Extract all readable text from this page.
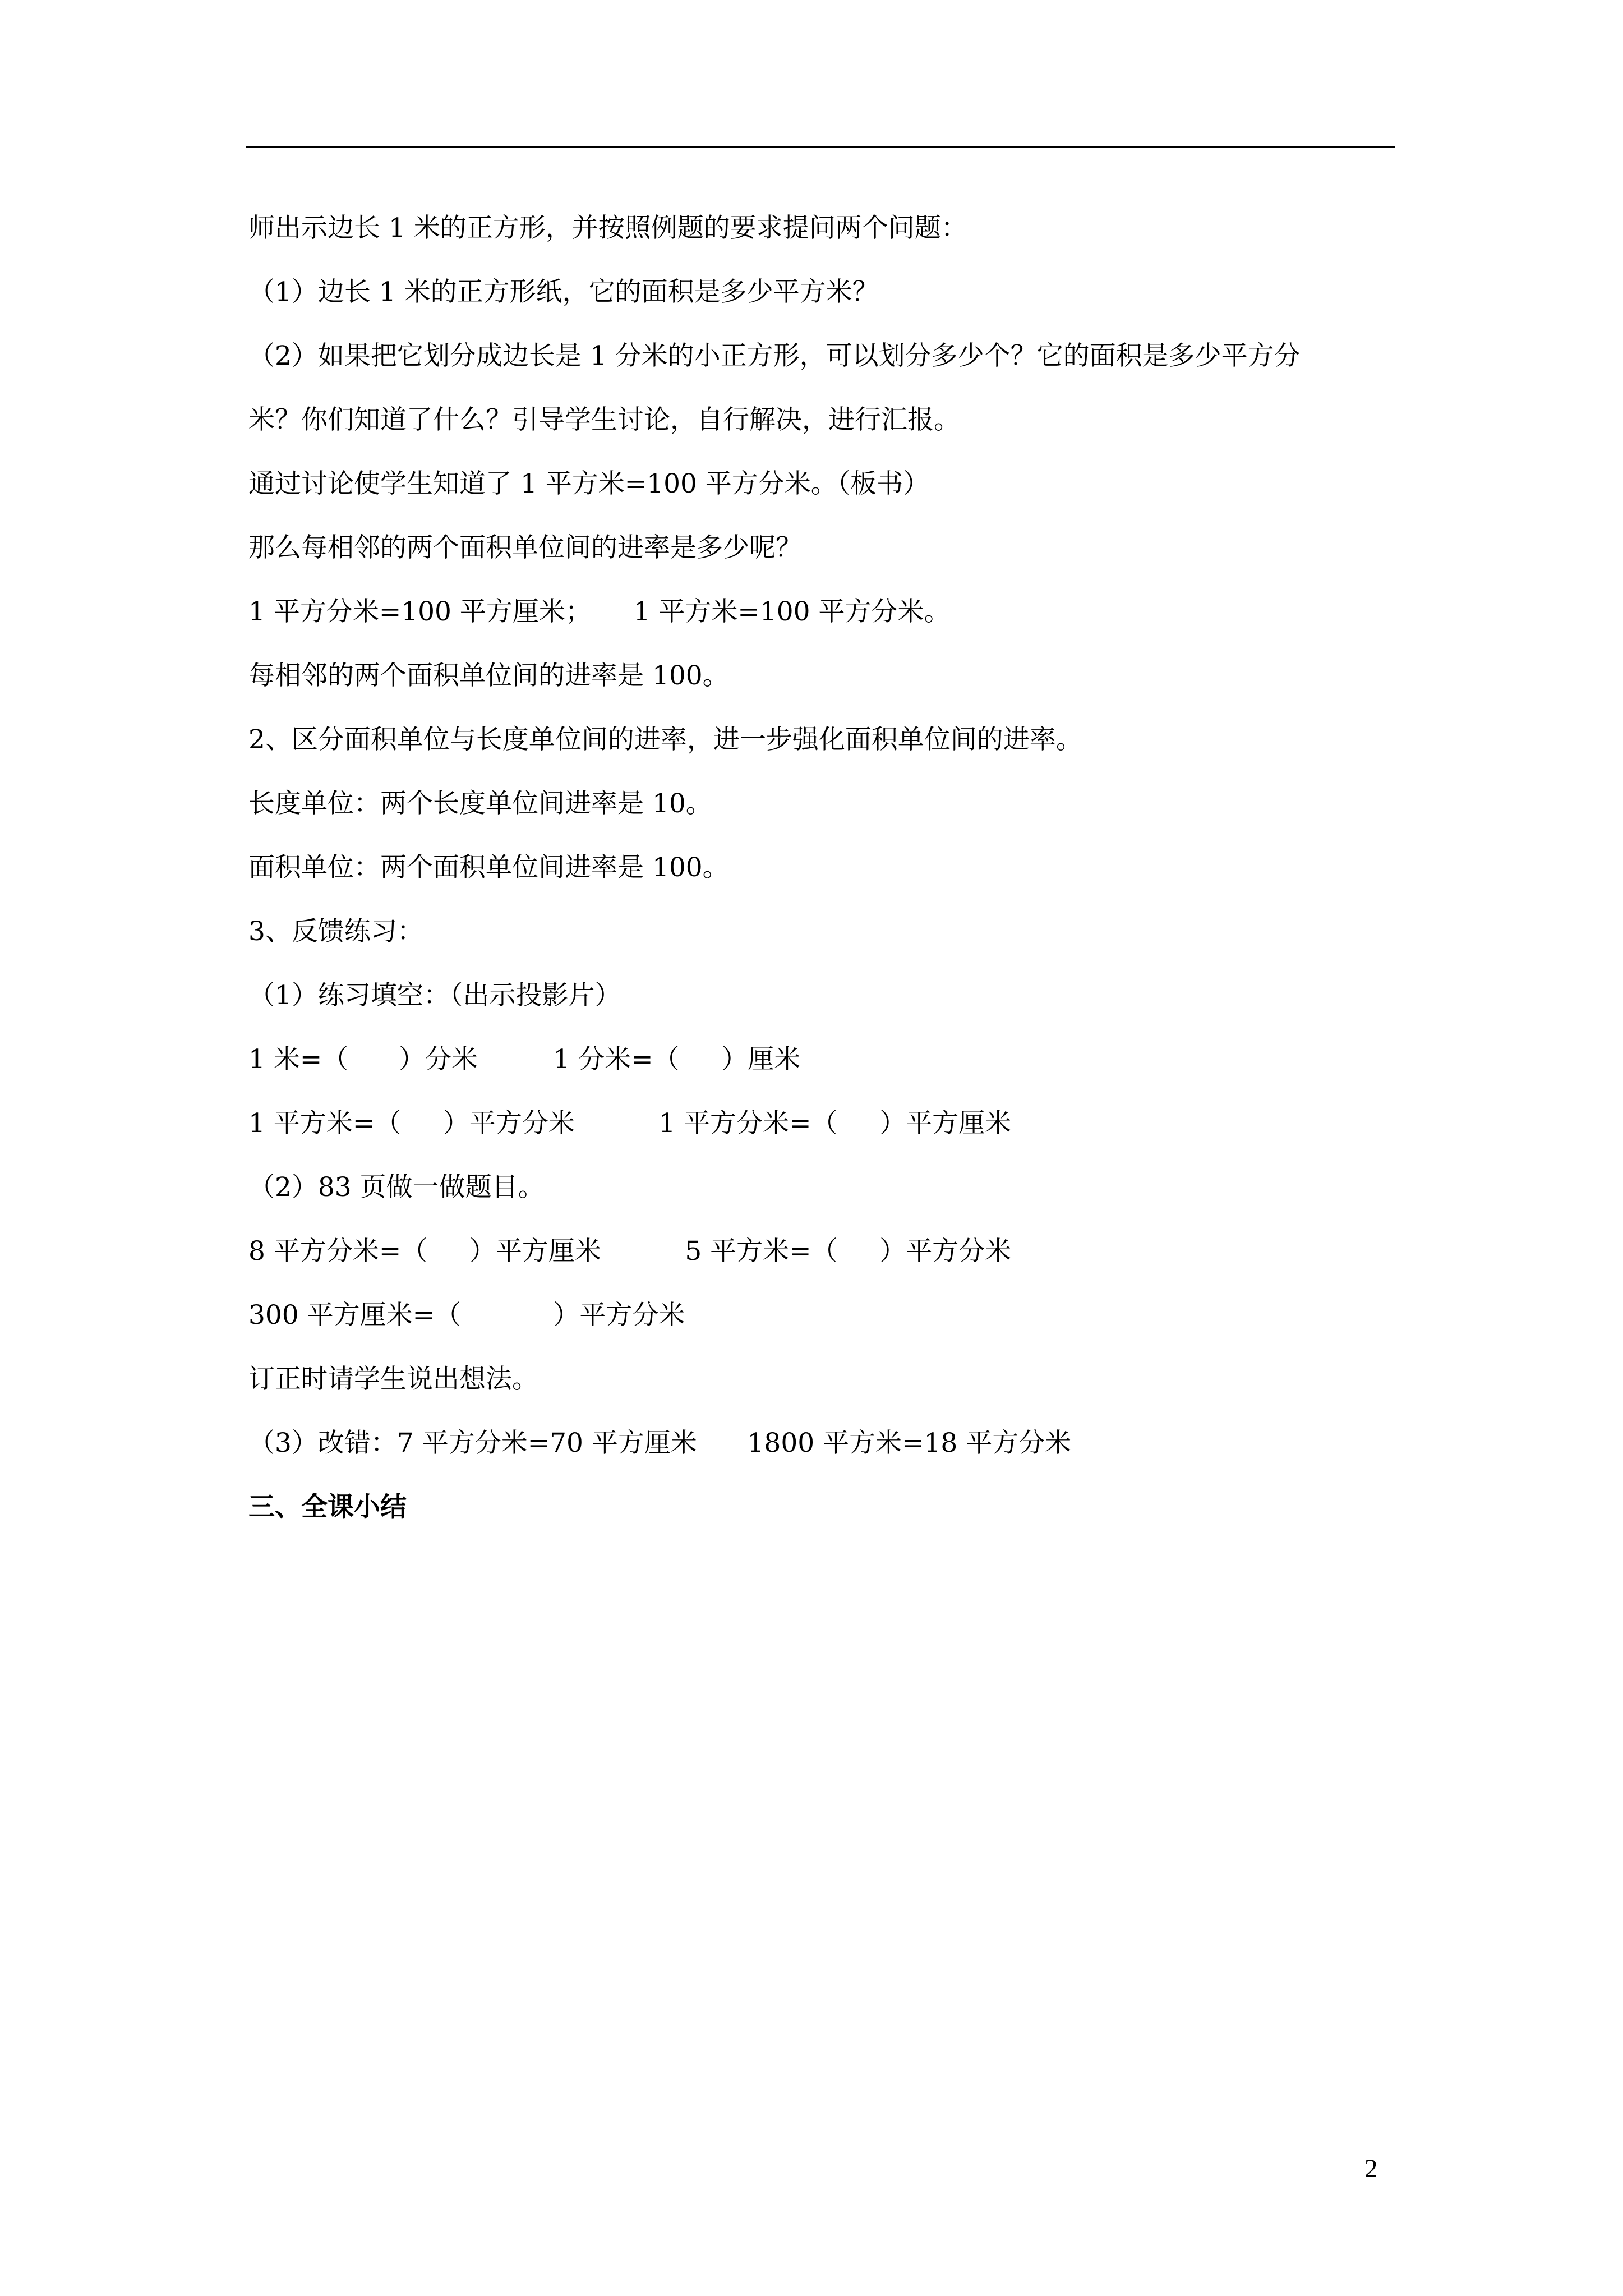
师出示边长 1 米的正方形，并按照例题的要求提问两个问题：
（1）边长 1 米的正方形纸，它的面积是多少平方米？
（2）如果把它划分成边长是 1 分米的小正方形，可以划分多少个？它的面积是多少平方分
米？你们知道了什么？引导学生讨论，自行解决，进行汇报。
通过讨论使学生知道了 1 平方米=100 平方分米。（板书）
那么每相邻的两个面积单位间的进率是多少呢？
1 平方分米=100 平方厘米；     1 平方米=100 平方分米。
每相邻的两个面积单位间的进率是 100。
2、区分面积单位与长度单位间的进率，进一步强化面积单位间的进率。
长度单位：两个长度单位间进率是 10。
面积单位：两个面积单位间进率是 100。
3、反馈练习：
（1）练习填空：（出示投影片）
1 米=（      ）分米         1 分米=（     ）厘米
1 平方米=（     ）平方分米          1 平方分米=（     ）平方厘米
（2）83 页做一做题目。
8 平方分米=（     ）平方厘米          5 平方米=（     ）平方分米
300 平方厘米=（           ）平方分米
订正时请学生说出想法。
（3）改错：7 平方分米=70 平方厘米      1800 平方米=18 平方分米
三、全课小结
2
